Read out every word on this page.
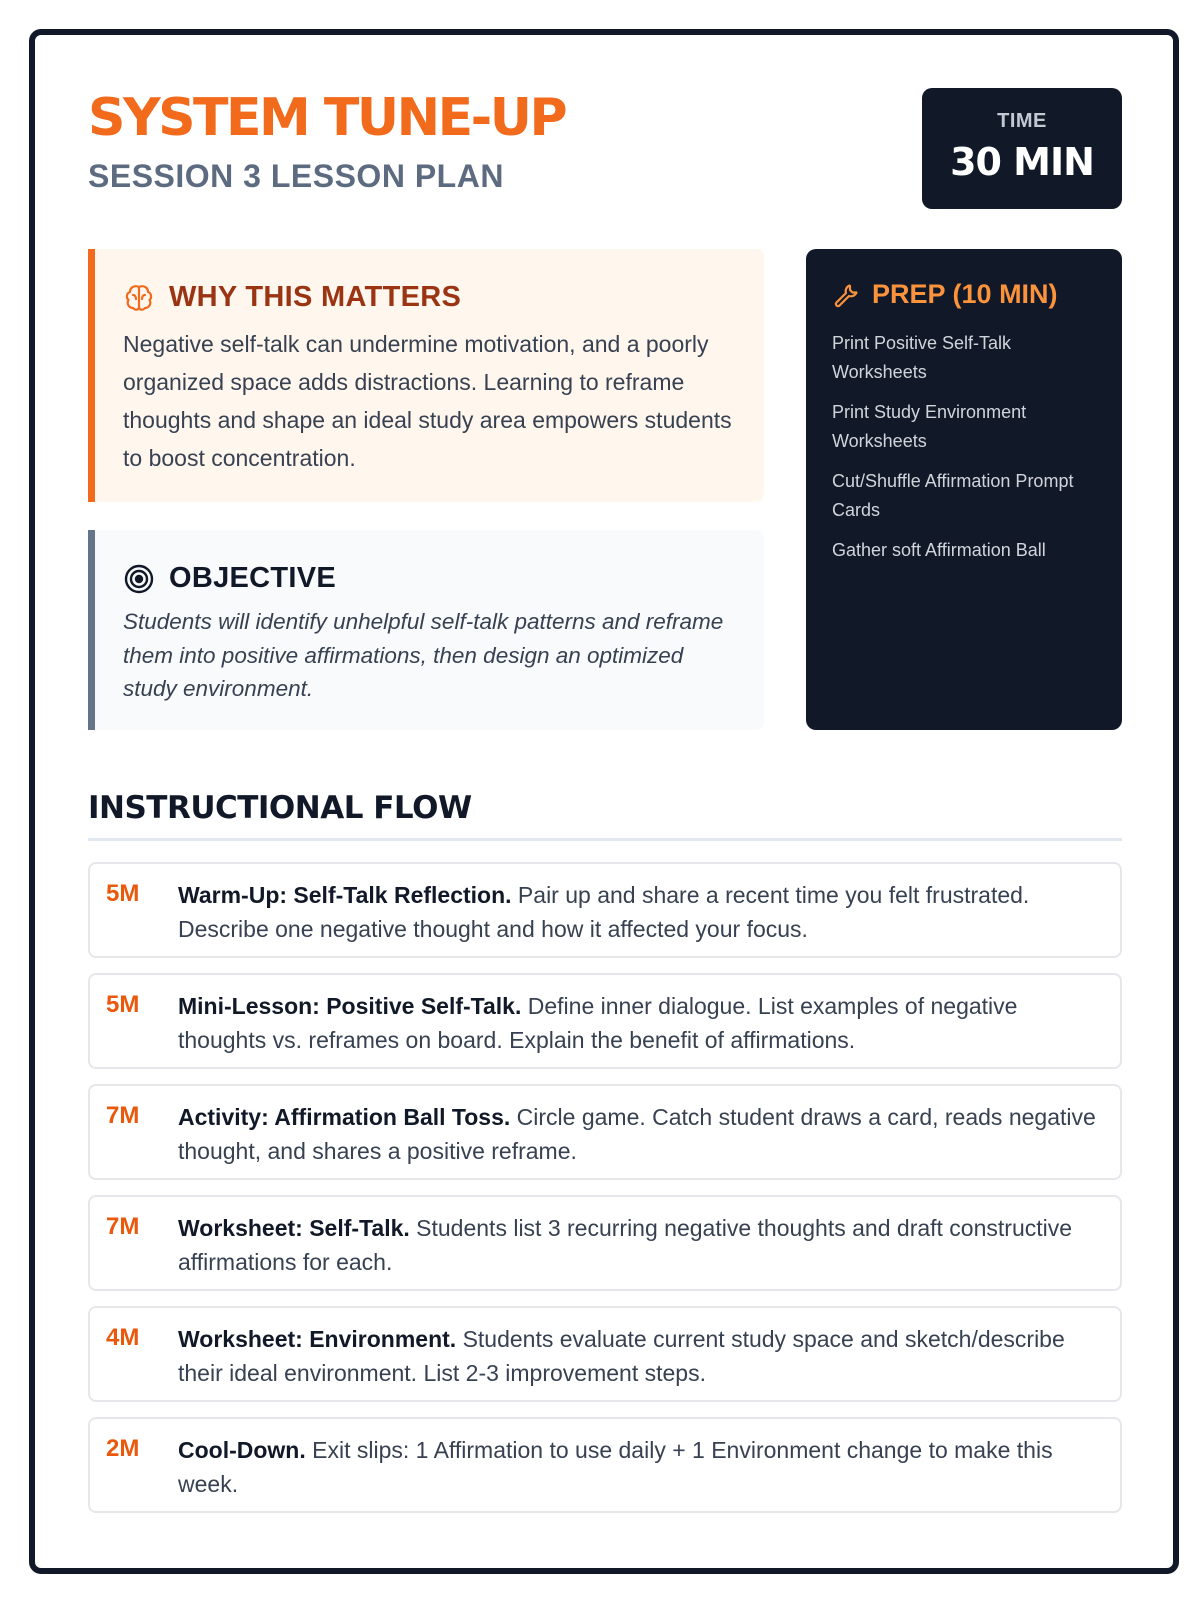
SYSTEM TUNE-UP
SESSION 3 LESSON PLAN
TIME
30 MIN
WHY THIS MATTERS

Negative self-talk can undermine motivation, and a poorly organized space adds distractions. Learning to reframe thoughts and shape an ideal study area empowers students to boost concentration.

OBJECTIVE

Students will identify unhelpful self-talk patterns and reframe them into positive affirmations, then design an optimized study environment.

PREP (10 MIN)
Print Positive Self-Talk Worksheets
Print Study Environment Worksheets
Cut/Shuffle Affirmation Prompt Cards
Gather soft Affirmation Ball
INSTRUCTIONAL FLOW
5M	Warm-Up: Self-Talk Reflection. Pair up and share a recent time you felt frustrated. Describe one negative thought and how it affected your focus.
5M	Mini-Lesson: Positive Self-Talk. Define inner dialogue. List examples of negative thoughts vs. reframes on board. Explain the benefit of affirmations.
7M	Activity: Affirmation Ball Toss. Circle game. Catch student draws a card, reads negative thought, and shares a positive reframe.
7M	Worksheet: Self-Talk. Students list 3 recurring negative thoughts and draft constructive affirmations for each.
4M	Worksheet: Environment. Students evaluate current study space and sketch/describe their ideal environment. List 2-3 improvement steps.
2M	Cool-Down. Exit slips: 1 Affirmation to use daily + 1 Environment change to make this week.
